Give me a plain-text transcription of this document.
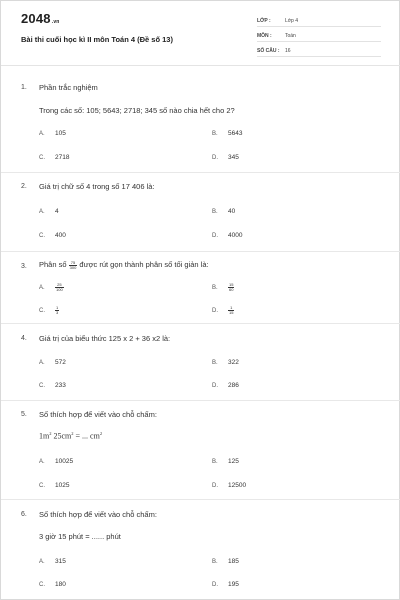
2048.vn
Bài thi cuối học kì II môn Toán 4 (Đề số 13)
LỚP :	Lớp 4
MÔN :	Toán
SỐ CÂU : 16
1. Phần trắc nghiệm
Trong các số: 105; 5643; 2718; 345 số nào chia hết cho 2?
A. 105	B. 5643
C. 2718	D. 345
2. Giá trị chữ số 4 trong số 17 406 là:
A. 4	B. 40
C. 400	D. 4000
3. Phân số $\frac{75}{300}$ được rút gọn thành phân số tối giản là:
A.	$\frac{25}{100}$	B.	$\frac{15}{60}$
C.	$\frac{1}{3}$	D.	$\frac{1}{15}$
4. Giá trị của biểu thức 125 x 2 + 36 x2 là:
A. 572	B. 322
C. 233	D. 286
5. Số thích hợp để viết vào chỗ chấm:
$1m^2$ $25cm^2$ = ... $cm^2$
A. 10025	B. 125
C. 1025	D. 12500
6. Số thích hợp để viết vào chỗ chấm:
3 giờ 15 phút = ...... phút
A. 315	B. 185
C. 180	D. 195
